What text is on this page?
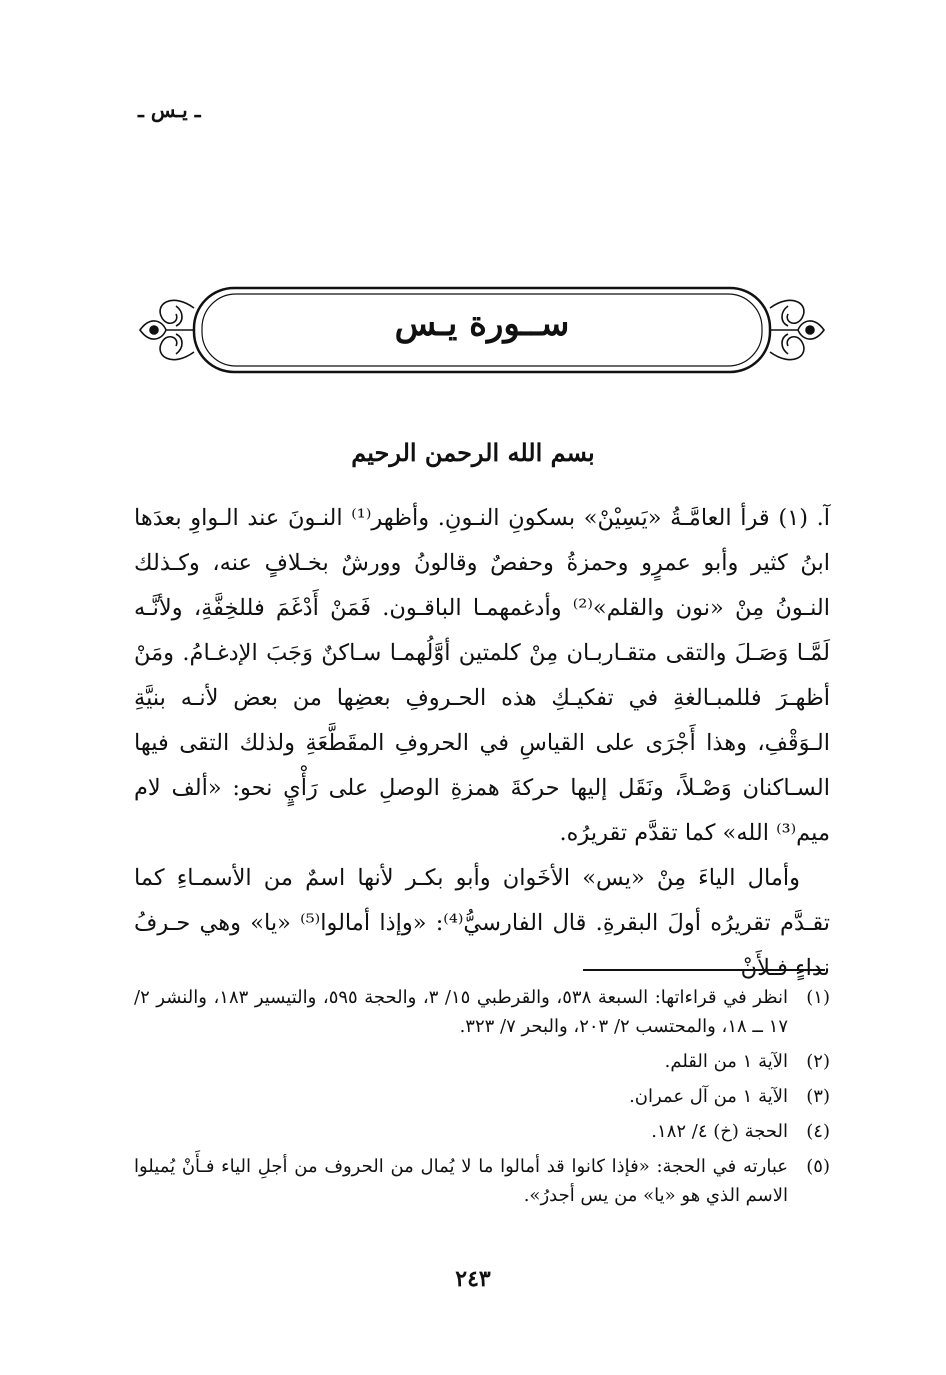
ـ يـس ـ
ســورة يـس
بسم الله الرحمن الرحيم

آ. (١) قرأ العامَّـةُ «يَسِيْنْ» بسكونِ النـونِ. وأظهر⁽¹⁾ النـونَ عند الـواوِ بعدَها ابنُ كثير وأبو عمرٍو وحمزةُ وحفصٌ وقالونُ وورشٌ بخـلافٍ عنه، وكـذلك النـونُ مِنْ «نون والقلم»⁽²⁾ وأدغمهمـا الباقـون. فَمَنْ أَدْغَمَ فللخِفَّةِ، ولأنَّـه لَمَّـا وَصَـلَ والتقى متقـاربـان مِنْ كلمتين أوَّلُهمـا سـاكنٌ وَجَبَ الإدغـامُ. ومَنْ أظهـرَ فللمبـالغةِ في تفكيـكِ هذه الحـروفِ بعضِها من بعض لأنـه بنيَّةِ الـوَقْفِ، وهذا أَجْرَى على القياسِ في الحروفِ المقَطَّعَةِ ولذلك التقى فيها السـاكنان وَصْـلاً، ونَقَل إليها حركةَ همزةِ الوصلِ على رَأْيٍ نحو: «ألف لام ميم⁽³⁾ الله» كما تقدَّم تقريرُه.

وأمال الياءَ مِنْ «يس» الأخَوان وأبو بكـر لأنها اسمٌ من الأسمـاءِ كما تقـدَّم تقريرُه أولَ البقرةِ. قال الفارسيُّ⁽⁴⁾: «وإذا أمالوا⁽⁵⁾ «يا» وهي حـرفُ نداءٍ فـلأَنْ

(١)
انظر في قراءاتها: السبعة ٥٣٨، والقرطبي ١٥/ ٣، والحجة ٥٩٥، والتيسير ١٨٣، والنشر ٢/ ١٧ ــ ١٨، والمحتسب ٢/ ٢٠٣، والبحر ٧/ ٣٢٣.
(٢)
الآية ١ من القلم.
(٣)
الآية ١ من آل عمران.
(٤)
الحجة (خ) ٤/ ١٨٢.
(٥)
عبارته في الحجة: «فإذا كانوا قد أمالوا ما لا يُمال من الحروف من أجلِ الياء فـأَنْ يُميلوا الاسم الذي هو «يا» من يس أجدرُ».
٢٤٣
